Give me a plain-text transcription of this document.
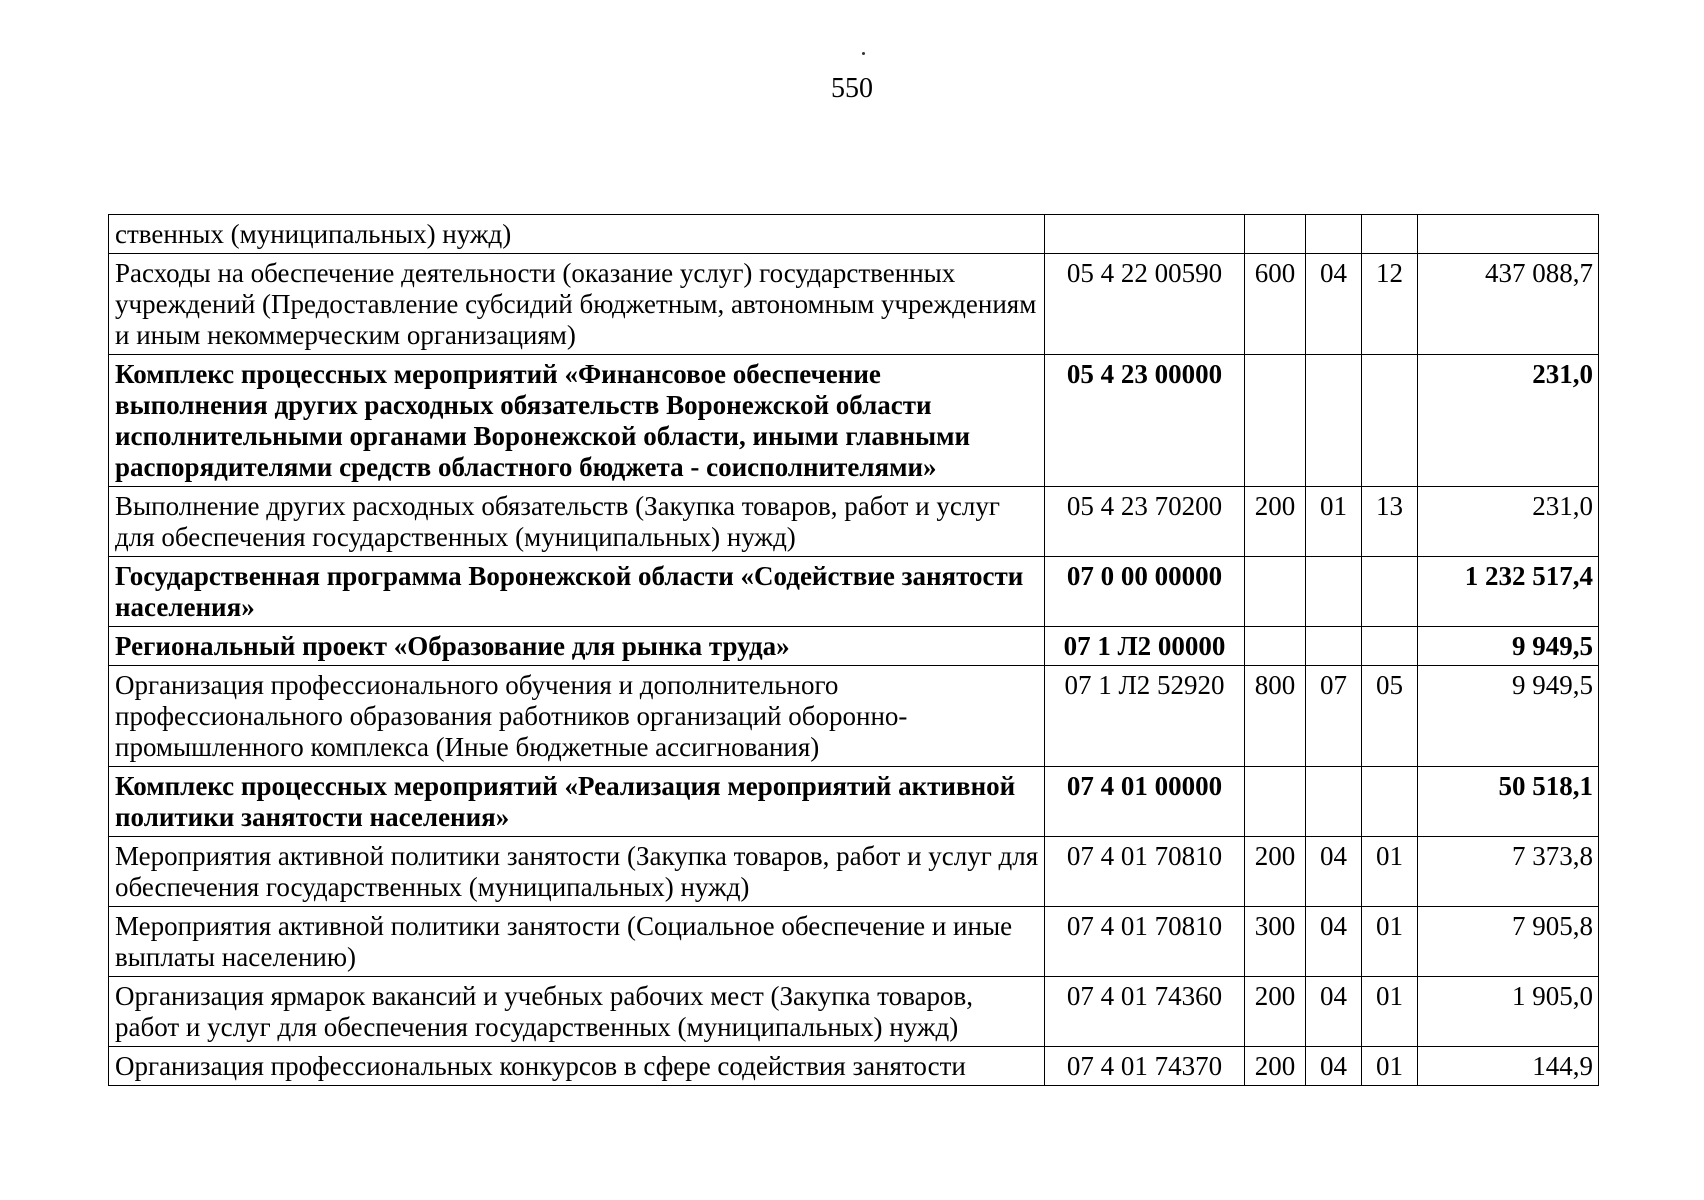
550
ственных (муниципальных) нужд)					
Расходы на обеспечение деятельности (оказание услуг) государственных учреждений (Предоставление субсидий бюджетным, автономным учреждениям и иным некоммерческим организациям)	05 4 22 00590	600	04	12	437 088,7
Комплекс процессных мероприятий «Финансовое обеспечение выполнения других расходных обязательств Воронежской области исполнительными органами Воронежской области, иными главными распорядителями средств областного бюджета - соисполнителями»	05 4 23 00000				231,0
Выполнение других расходных обязательств (Закупка товаров, работ и услуг для обеспечения государственных (муниципальных) нужд)	05 4 23 70200	200	01	13	231,0
Государственная программа Воронежской области «Содействие занятости населения»	07 0 00 00000				1 232 517,4
Региональный проект «Образование для рынка труда»	07 1 Л2 00000				9 949,5
Организация профессионального обучения и дополнительного профессионального образования работников организаций оборонно-промышленного комплекса (Иные бюджетные ассигнования)	07 1 Л2 52920	800	07	05	9 949,5
Комплекс процессных мероприятий «Реализация мероприятий активной политики занятости населения»	07 4 01 00000				50 518,1
Мероприятия активной политики занятости (Закупка товаров, работ и услуг для обеспечения государственных (муниципальных) нужд)	07 4 01 70810	200	04	01	7 373,8
Мероприятия активной политики занятости (Социальное обеспечение и иные выплаты населению)	07 4 01 70810	300	04	01	7 905,8
Организация ярмарок вакансий и учебных рабочих мест (Закупка товаров, работ и услуг для обеспечения государственных (муниципальных) нужд)	07 4 01 74360	200	04	01	1 905,0
Организация профессиональных конкурсов в сфере содействия занятости	07 4 01 74370	200	04	01	144,9
